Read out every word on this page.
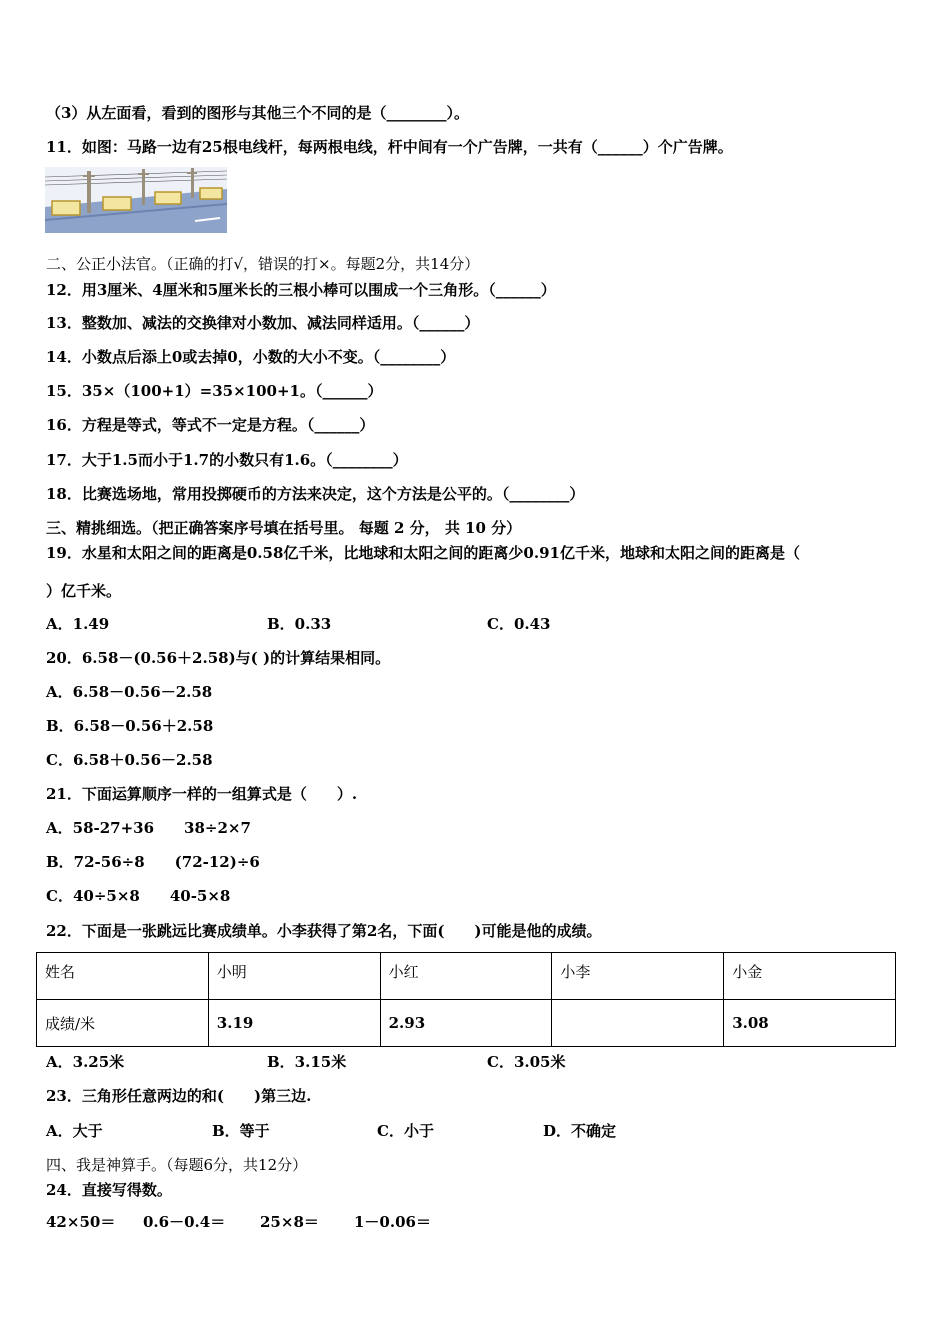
（3）从左面看，看到的图形与其他三个不同的是（________）。
11．如图：马路一边有25根电线杆，每两根电线，杆中间有一个广告牌，一共有（______）个广告牌。
二、公正小法官。（正确的打√，错误的打×。每题2分，共14分）
12．用3厘米、4厘米和5厘米长的三根小棒可以围成一个三角形。（______）
13．整数加、减法的交换律对小数加、减法同样适用。（______）
14．小数点后添上0或去掉0，小数的大小不变。（________）
15．35×（100+1）=35×100+1。（______）
16．方程是等式，等式不一定是方程。（______）
17．大于1.5而小于1.7的小数只有1.6。（________）
18．比赛选场地，常用投掷硬币的方法来决定，这个方法是公平的。（________）
三、精挑细选。（把正确答案序号填在括号里。 每题 2 分， 共 10 分）
19．水星和太阳之间的距离是0.58亿千米，比地球和太阳之间的距离少0.91亿千米，地球和太阳之间的距离是（
）亿千米。
A．1.49	B．0.33	C．0.43
20．6.58－(0.56＋2.58)与( )的计算结果相同。
A．6.58－0.56－2.58
B．6.58－0.56＋2.58
C．6.58＋0.56－2.58
21．下面运算顺序一样的一组算式是（　　）.
A．58-27+36　　38÷2×7
B．72-56÷8　　(72-12)÷6
C．40÷5×8　　40-5×8
22．下面是一张跳远比赛成绩单。小李获得了第2名，下面(　　)可能是他的成绩。
姓名	小明	小红	小李	小金
成绩/米	3.19	2.93		3.08
A．3.25米	B．3.15米	C．3.05米
23．三角形任意两边的和(　　)第三边.
A．大于	B．等于	C．小于	D．不确定
四、我是神算手。（每题6分，共12分）
24．直接写得数。
42×50＝ 0.6－0.4＝ 25×8＝ 1－0.06＝
